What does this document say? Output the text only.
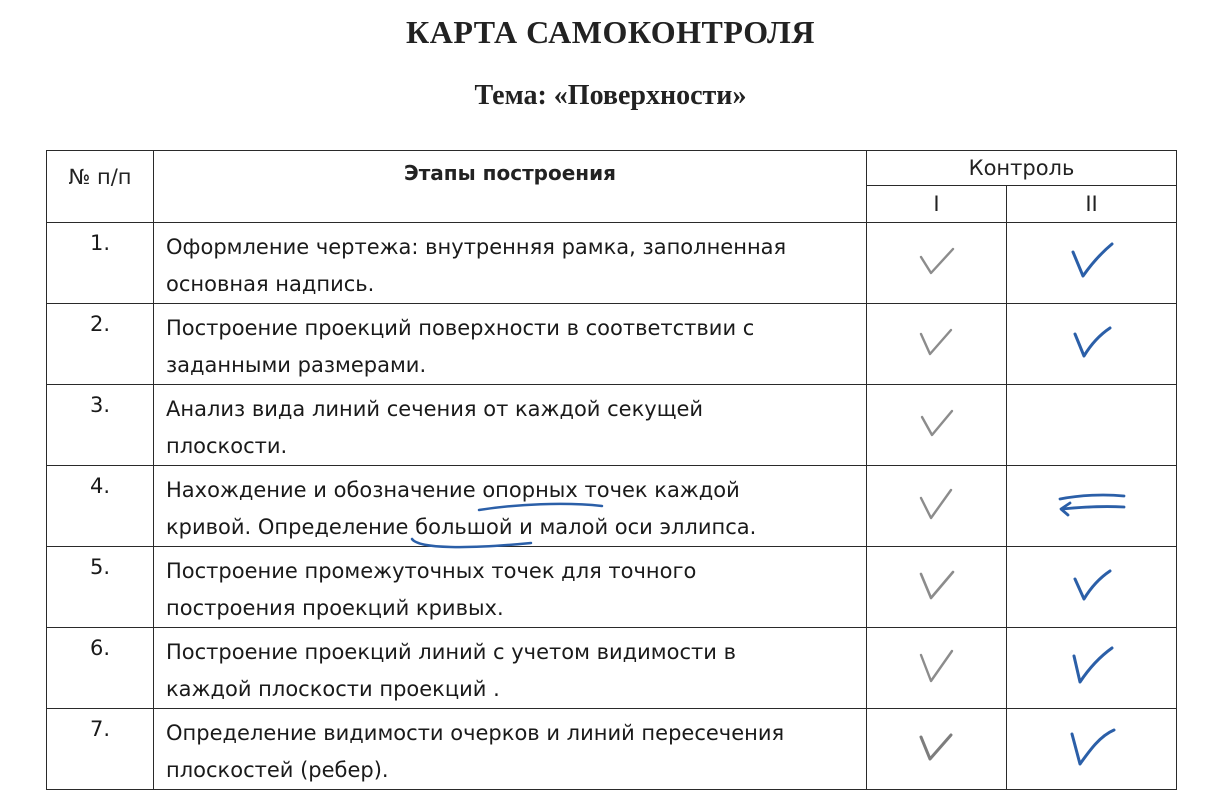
КАРТА САМОКОНТРОЛЯ
Тема: «Поверхности»
№ п/п	Этапы построения	Контроль	
		I	II
1.	Оформление чертежа: внутренняя рамка, заполненная
основная надпись.

2.	Построение проекций поверхности в соответствии с
заданными размерами.

3.	Анализ вида линий сечения от каждой секущей
плоскости.

4.	Нахождение и обозначение опорных точек
каждой
кривой. Определение большой
и малой оси эллипса.

5.	Построение промежуточных точек для точного
построения проекций кривых.

6.	Построение проекций линий с учетом видимости в
каждой плоскости проекций .

7.	Определение видимости очерков и линий пересечения
плоскостей (ребер).
